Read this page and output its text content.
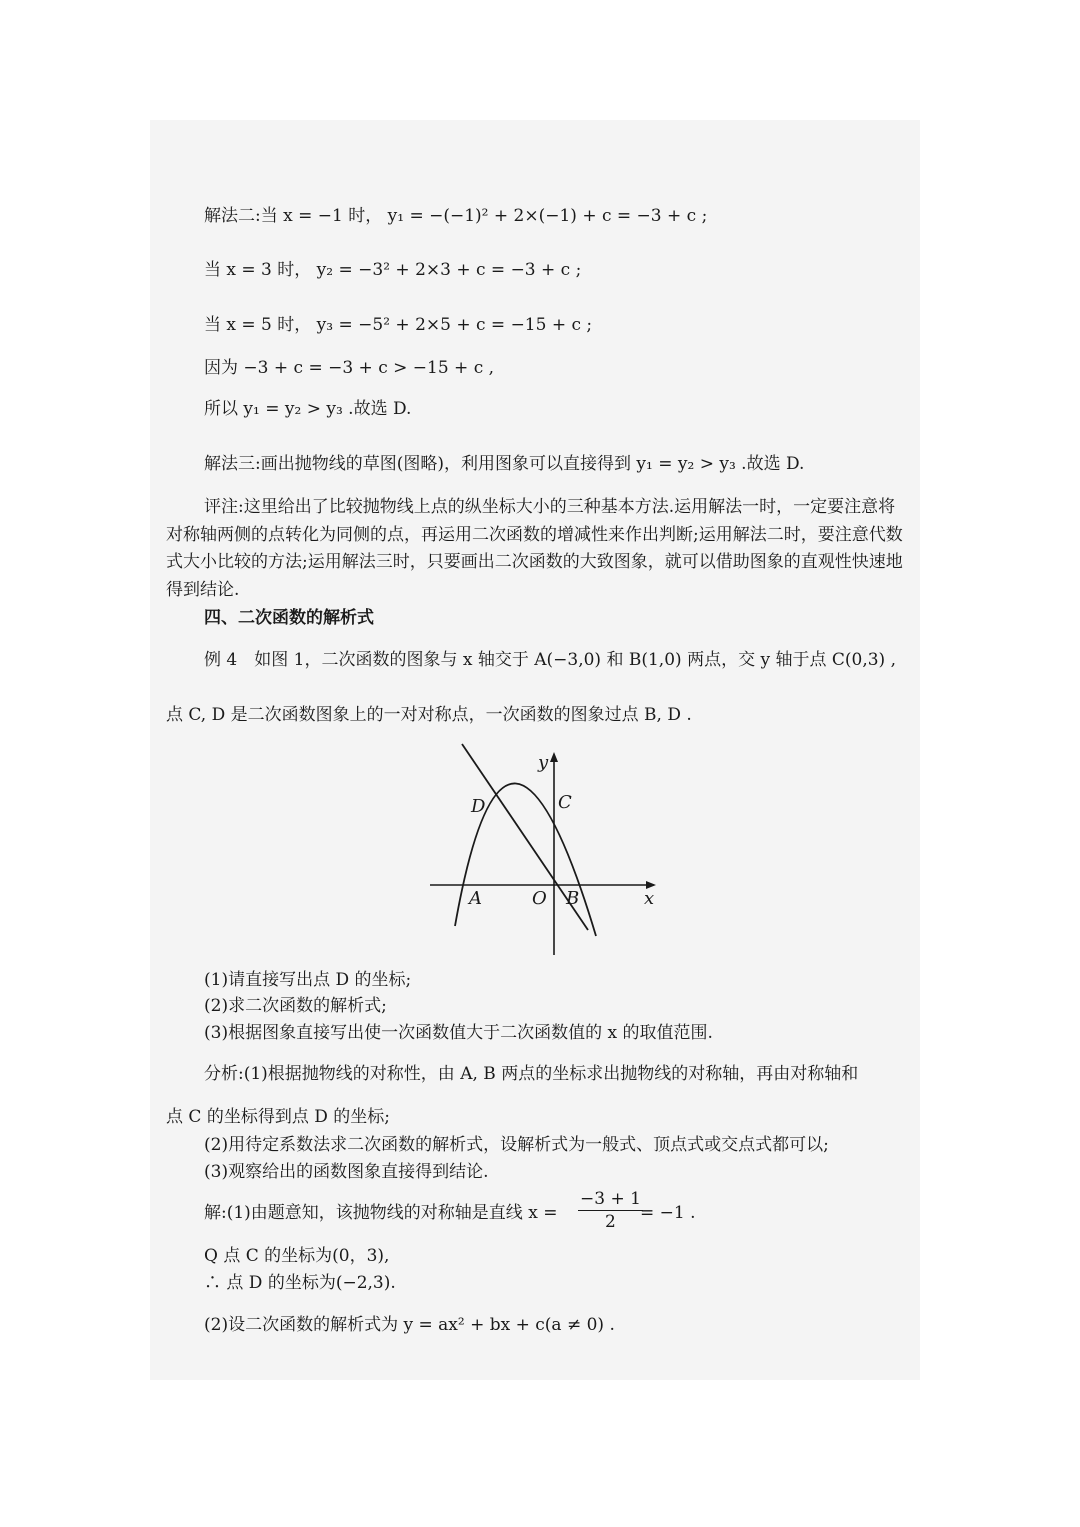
解法二:当 x = −1 时， y₁ = −(−1)² + 2×(−1) + c = −3 + c ;
当 x = 3 时， y₂ = −3² + 2×3 + c = −3 + c ;
当 x = 5 时， y₃ = −5² + 2×5 + c = −15 + c ;
因为 −3 + c = −3 + c > −15 + c ,
所以 y₁ = y₂ > y₃ .故选 D.
解法三:画出抛物线的草图(图略)，利用图象可以直接得到 y₁ = y₂ > y₃ .故选 D.
评注:这里给出了比较抛物线上点的纵坐标大小的三种基本方法.运用解法一时，一定要注意将对称轴两侧的点转化为同侧的点，再运用二次函数的增减性来作出判断;运用解法二时，要注意代数式大小比较的方法;运用解法三时，只要画出二次函数的大致图象，就可以借助图象的直观性快速地得到结论.
四、二次函数的解析式
例 4　如图 1，二次函数的图象与 x 轴交于 A(−3,0) 和 B(1,0) 两点，交 y 轴于点 C(0,3) ,
点 C, D 是二次函数图象上的一对对称点，一次函数的图象过点 B, D .
y
x
A	O B
C
D
(1)请直接写出点 D 的坐标;
(2)求二次函数的解析式;
(3)根据图象直接写出使一次函数值大于二次函数值的 x 的取值范围.
分析:(1)根据抛物线的对称性，由 A, B 两点的坐标求出抛物线的对称轴，再由对称轴和
点 C 的坐标得到点 D 的坐标;
(2)用待定系数法求二次函数的解析式，设解析式为一般式、顶点式或交点式都可以;
(3)观察给出的函数图象直接得到结论.
解:(1)由题意知，该抛物线的对称轴是直线 $x = \frac{-3 + 1}{2}$
= −1 .
Q 点 C 的坐标为(0，3),
∴ 点 D 的坐标为(−2,3).
(2)设二次函数的解析式为 y = ax² + bx + c(a ≠ 0) .
